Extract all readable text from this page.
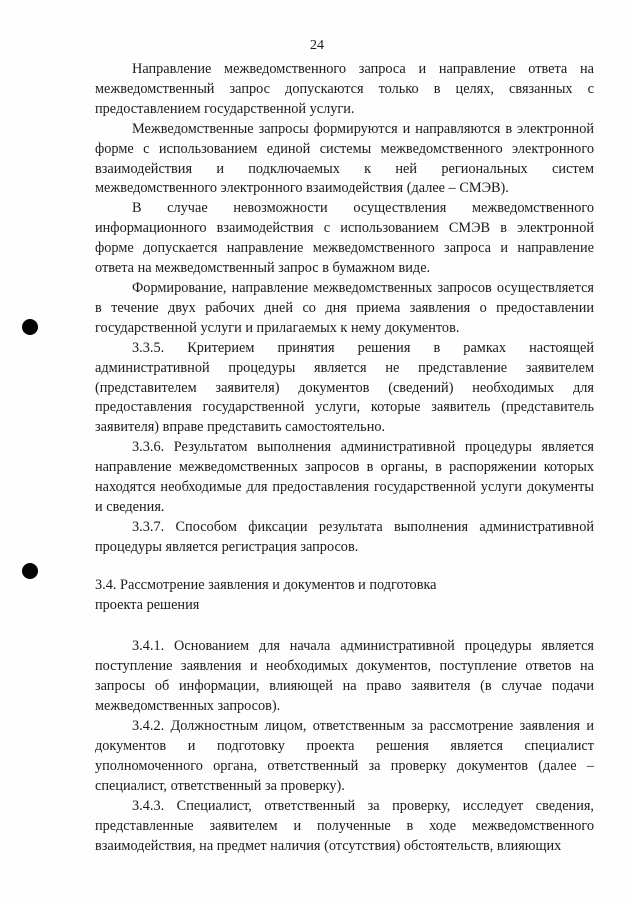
24

Направление межведомственного запроса и направление ответа на межведомственный запрос допускаются только в целях, связанных с предоставлением государственной услуги.

Межведомственные запросы формируются и направляются в электронной форме с использованием единой системы межведомственного электронного взаимодействия и подключаемых к ней региональных систем межведомственного электронного взаимодействия (далее – СМЭВ).

В случае невозможности осуществления межведомственного информационного взаимодействия с использованием СМЭВ в электронной форме допускается направление межведомственного запроса и направление ответа на межведомственный запрос в бумажном виде.

Формирование, направление межведомственных запросов осуществляется в течение двух рабочих дней со дня приема заявления о предоставлении государственной услуги и прилагаемых к нему документов.

3.3.5. Критерием принятия решения в рамках настоящей административной процедуры является не представление заявителем (представителем заявителя) документов (сведений) необходимых для предоставления государственной услуги, которые заявитель (представитель заявителя) вправе представить самостоятельно.

3.3.6. Результатом выполнения административной процедуры является направление межведомственных запросов в органы, в распоряжении которых находятся необходимые для предоставления государственной услуги документы и сведения.

3.3.7. Способом фиксации результата выполнения административной процедуры является регистрация запросов.

3.4. Рассмотрение заявления и документов и подготовка
проекта решения

3.4.1. Основанием для начала административной процедуры является поступление заявления и необходимых документов, поступление ответов на запросы об информации, влияющей на право заявителя (в случае подачи межведомственных запросов).

3.4.2. Должностным лицом, ответственным за рассмотрение заявления и документов и подготовку проекта решения является специалист уполномоченного органа, ответственный за проверку документов (далее – специалист, ответственный за проверку).

3.4.3. Специалист, ответственный за проверку, исследует сведения, представленные заявителем и полученные в ходе межведомственного взаимодействия, на предмет наличия (отсутствия) обстоятельств, влияющих
